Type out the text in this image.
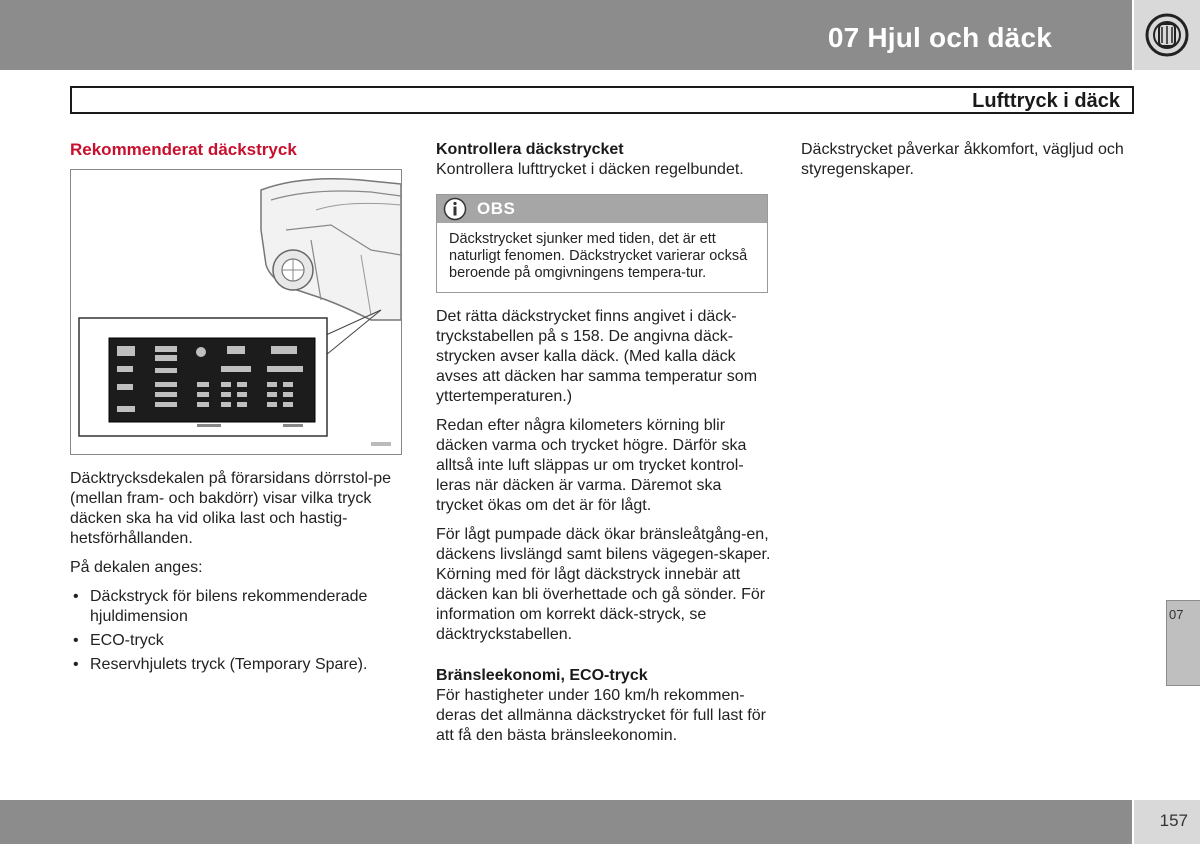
07 Hjul och däck
Lufttryck i däck
Rekommenderat däckstryck

Däcktrycksdekalen på förarsidans dörrstol-pe (mellan fram- och bakdörr) visar vilka tryck däcken ska ha vid olika last och hastig-hetsförhållanden.

På dekalen anges:

• Däckstryck för bilens rekommenderade hjuldimension
• ECO-tryck
• Reservhjulets tryck (Temporary Spare).
Kontrollera däckstrycket

Kontrollera lufttrycket i däcken regelbundet.

OBS
Däckstrycket sjunker med tiden, det är ett naturligt fenomen. Däckstrycket varierar också beroende på omgivningens tempera-tur.

Det rätta däckstrycket finns angivet i däck-tryckstabellen på s 158. De angivna däck-strycken avser kalla däck. (Med kalla däck avses att däcken har samma temperatur som yttertemperaturen.)

Redan efter några kilometers körning blir däcken varma och trycket högre. Därför ska alltså inte luft släppas ur om trycket kontrol-leras när däcken är varma. Däremot ska trycket ökas om det är för lågt.

För lågt pumpade däck ökar bränsleåtgång-en, däckens livslängd samt bilens vägegen-skaper. Körning med för lågt däckstryck innebär att däcken kan bli överhettade och gå sönder. För information om korrekt däck-stryck, se däcktryckstabellen.

Bränsleekonomi, ECO-tryck

För hastigheter under 160 km/h rekommen-deras det allmänna däckstrycket för full last för att få den bästa bränsleekonomin.

Däckstrycket påverkar åkkomfort, vägljud och styregenskaper.

07
157
